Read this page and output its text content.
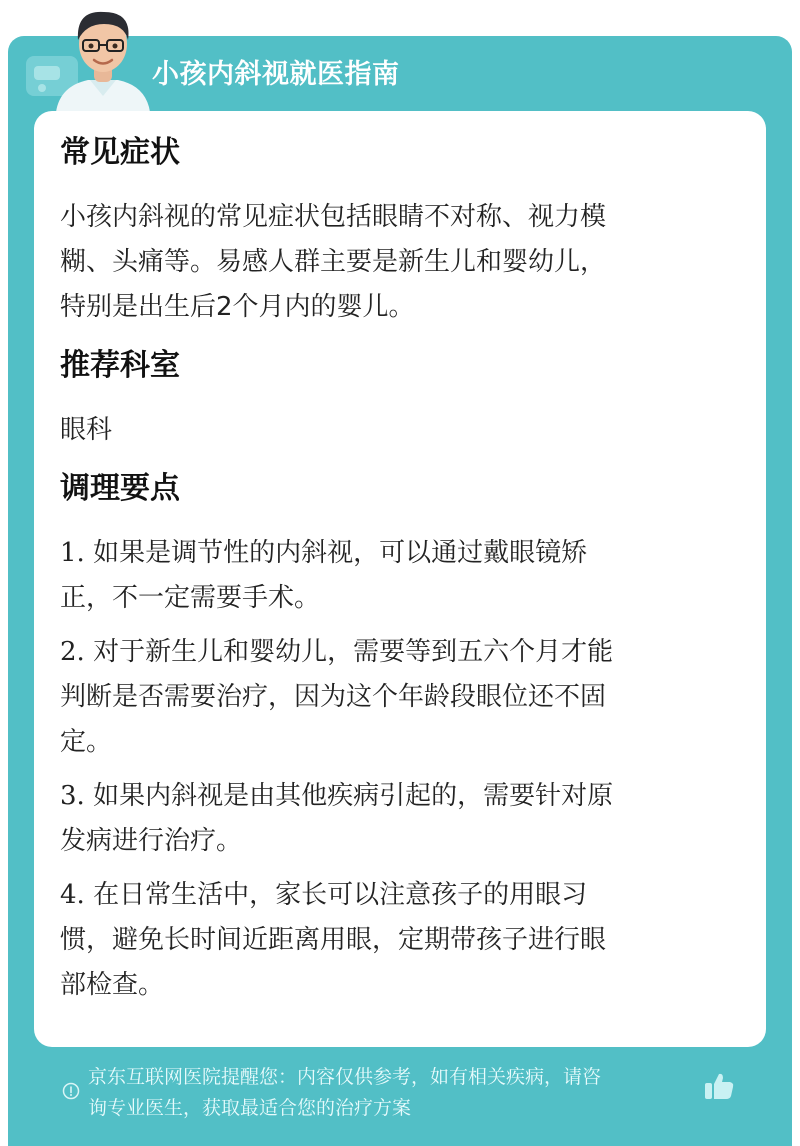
小孩内斜视就医指南
常见症状

小孩内斜视的常见症状包括眼睛不对称、视力模

糊、头痛等。易感人群主要是新生儿和婴幼儿，

特别是出生后2个月内的婴儿。

推荐科室

眼科

调理要点

1. 如果是调节性的内斜视，可以通过戴眼镜矫

正，不一定需要手术。

2. 对于新生儿和婴幼儿，需要等到五六个月才能

判断是否需要治疗，因为这个年龄段眼位还不固

定。

3. 如果内斜视是由其他疾病引起的，需要针对原

发病进行治疗。

4. 在日常生活中，家长可以注意孩子的用眼习

惯，避免长时间近距离用眼，定期带孩子进行眼

部检查。

京东互联网医院提醒您：内容仅供参考，如有相关疾病，请咨
询专业医生，获取最适合您的治疗方案
